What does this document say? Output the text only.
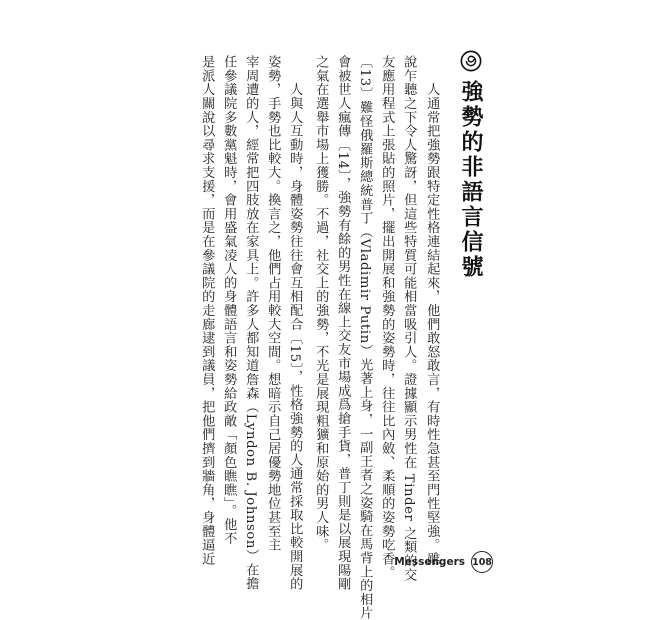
強勢的非語言信號
　　人通常把強勢跟特定性格連結起來，他們敢怒敢言，有時性急甚至門性堅強。雖
說乍聽之下令人驚訝，但這些特質可能相當吸引人。證據顯示男性在 Tinder 之類的交
友應用程式上張貼的照片，擺出開展和強勢的姿勢時，往往比內斂、柔順的姿勢吃香。
〔13〕難怪俄羅斯總統普丁（Vladimir Putin）光著上身，一副王者之姿騎在馬背上的相片
會被世人瘋傳〔14〕，強勢有餘的男性在線上交友市場成爲搶手貨，普丁則是以展現陽剛
之氣在選舉市場上獲勝。不過，社交上的強勢，不光是展現粗獷和原始的男人味。
　　人與人互動時，身體姿勢往往會互相配合〔15〕，性格強勢的人通常採取比較開展的
姿勢，手勢也比較大。換言之，他們占用較大空間。想暗示自己居優勢地位甚至主
宰周遭的人，經常把四肢放在家具上。許多人都知道詹森（Lyndon B. Johnson）在擔
任參議院多數黨魁時，會用盛氣凌人的身體語言和姿勢給政敵「顏色瞧瞧」。他不
是派人關說以尋求支援，而是在參議院的走廊逮到議員，把他們擠到牆角，身體逼近	Messengers 108
